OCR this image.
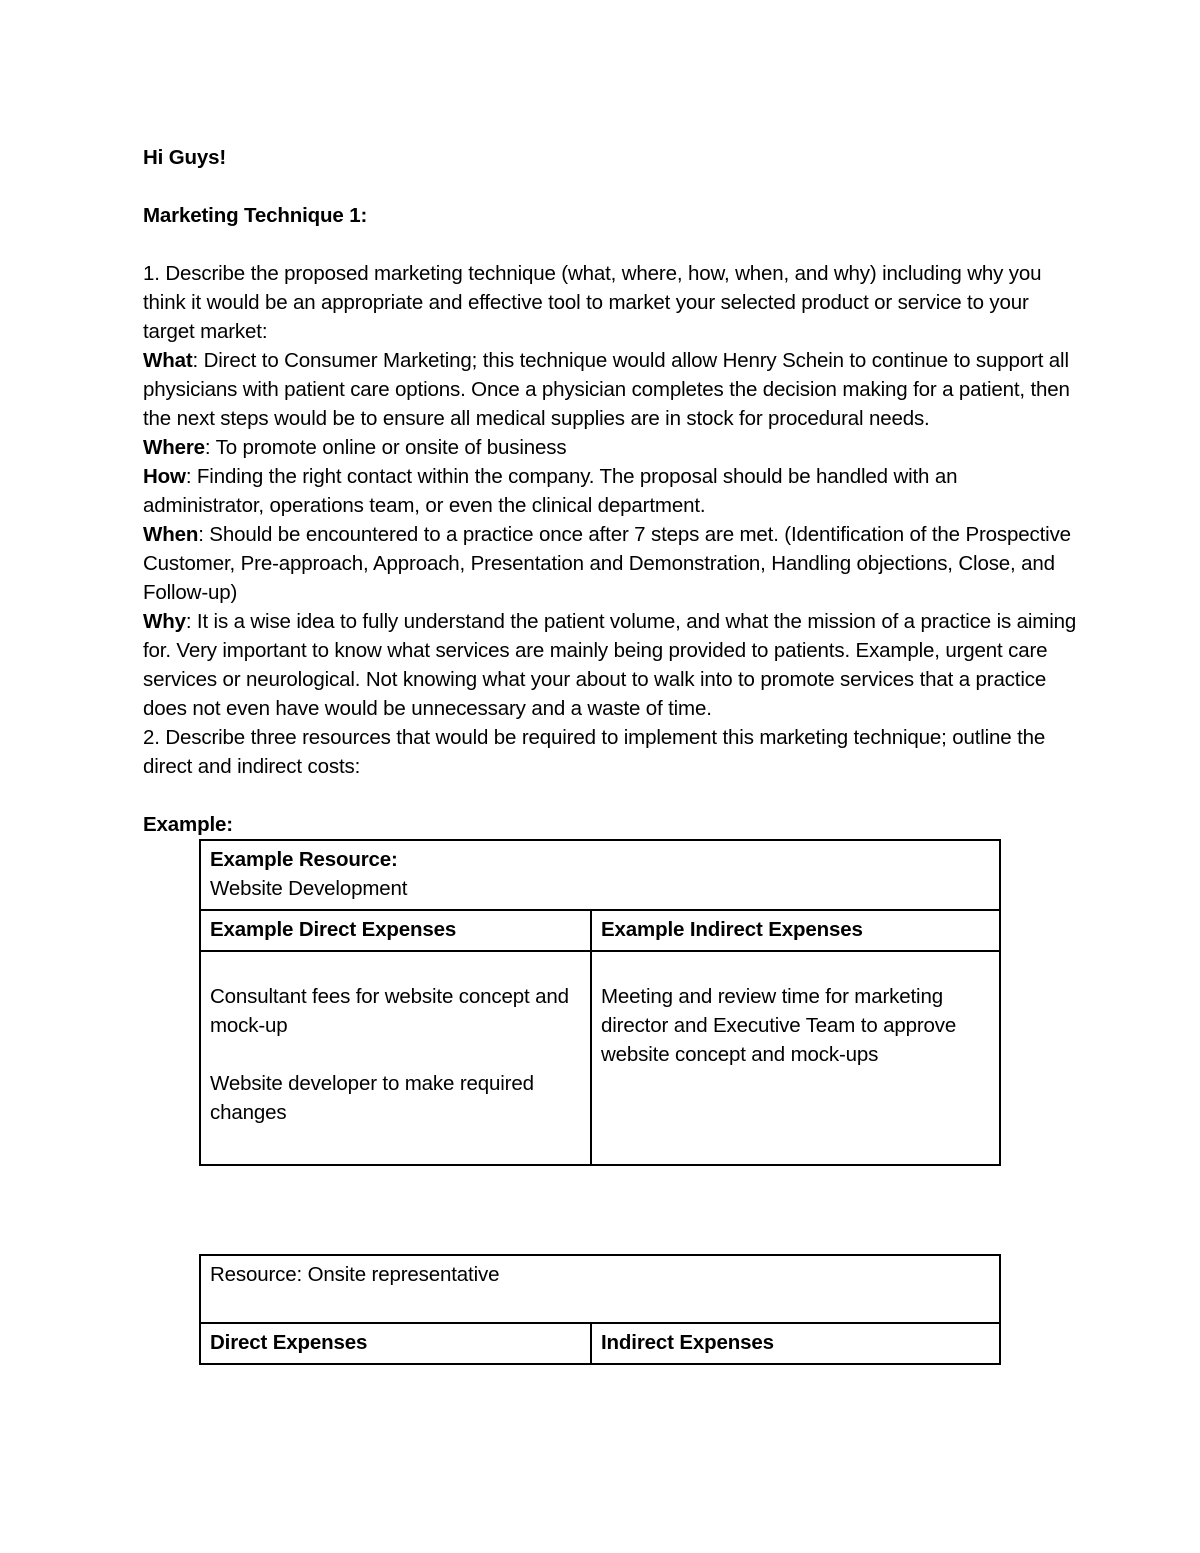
Hi Guys!

Marketing Technique 1:

1. Describe the proposed marketing technique (what, where, how, when, and why) including why you think it would be an appropriate and effective tool to market your selected product or service to your target market:

What: Direct to Consumer Marketing; this technique would allow Henry Schein to continue to support all physicians with patient care options. Once a physician completes the decision making for a patient, then the next steps would be to ensure all medical supplies are in stock for procedural needs.

Where: To promote online or onsite of business

How: Finding the right contact within the company. The proposal should be handled with an administrator, operations team, or even the clinical department.

When: Should be encountered to a practice once after 7 steps are met. (Identification of the Prospective Customer, Pre-approach, Approach, Presentation and Demonstration, Handling objections, Close, and Follow-up)

Why: It is a wise idea to fully understand the patient volume, and what the mission of a practice is aiming for. Very important to know what services are mainly being provided to patients. Example, urgent care services or neurological. Not knowing what your about to walk into to promote services that a practice does not even have would be unnecessary and a waste of time.

2. Describe three resources that would be required to implement this marketing technique; outline the direct and indirect costs:

Example:

Example Resource:
Website Development	

Example Direct Expenses	Example Indirect Expenses

Consultant fees for website concept and mock-up

Website developer to make required changes	Meeting and review time for marketing director and Executive Team to approve website concept and mock-ups

Resource: Onsite representative
Direct Expenses	Indirect Expenses
